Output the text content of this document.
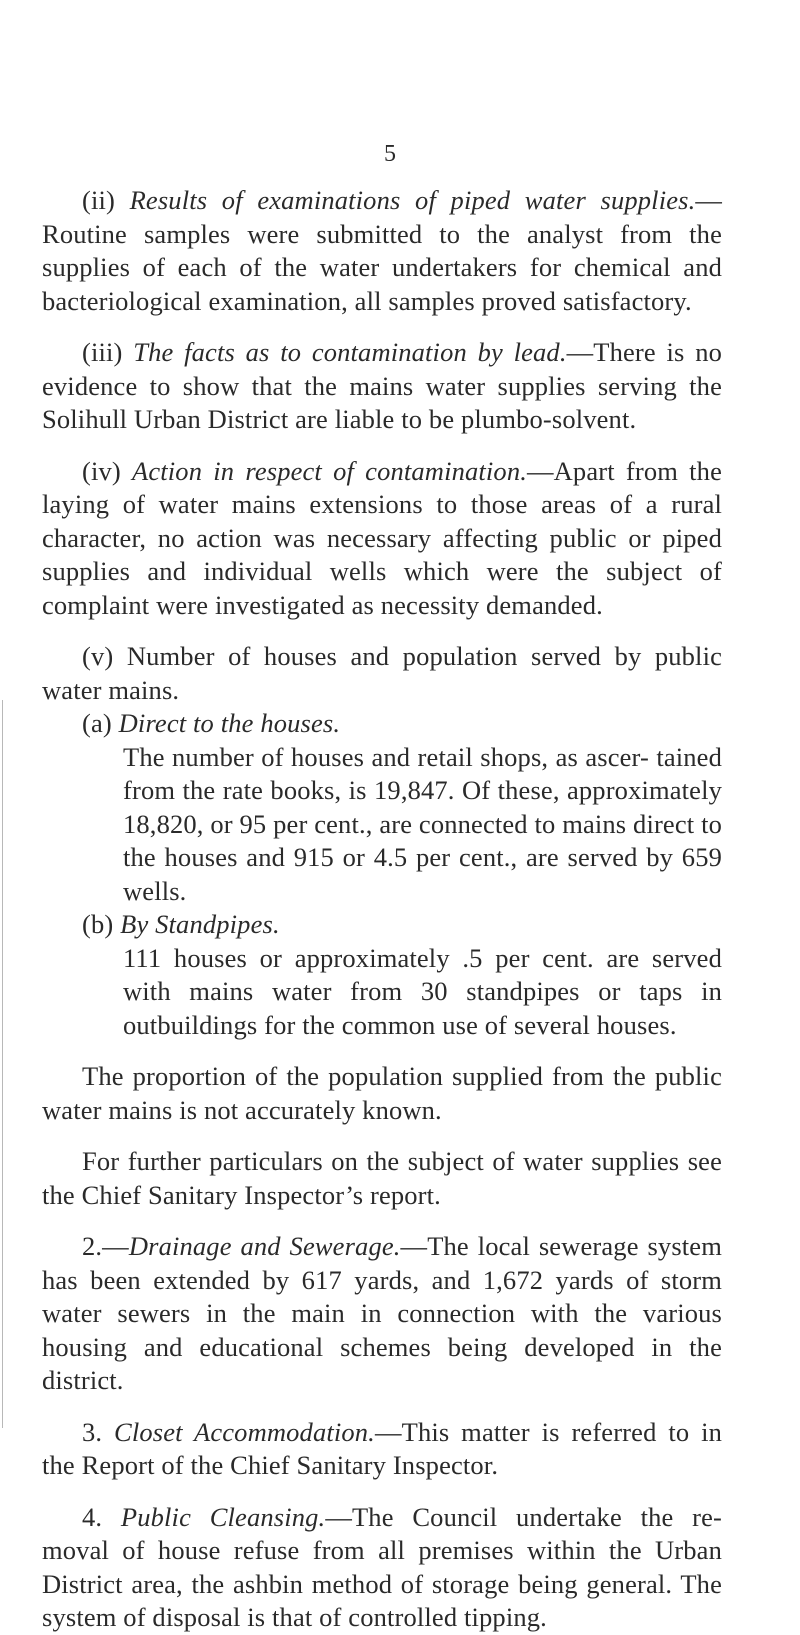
5

(ii) Results of examinations of piped water supplies.— Routine samples were submitted to the analyst from the supplies of each of the water undertakers for chemical and bacteriological examination, all samples proved satisfactory.

(iii) The facts as to contamination by lead.—There is no evidence to show that the mains water supplies serving the Solihull Urban District are liable to be plumbo-solvent.

(iv) Action in respect of contamination.—Apart from the laying of water mains extensions to those areas of a rural character, no action was necessary affecting public or piped supplies and individual wells which were the subject of complaint were investigated as necessity demanded.

(v) Number of houses and population served by public water mains.

(a) Direct to the houses.

The number of houses and retail shops, as ascer- tained from the rate books, is 19,847. Of these, approximately 18,820, or 95 per cent., are connected to mains direct to the houses and 915 or 4.5 per cent., are served by 659 wells.

(b) By Standpipes.

111 houses or approximately .5 per cent. are served with mains water from 30 standpipes or taps in outbuildings for the common use of several houses.

The proportion of the population supplied from the public water mains is not accurately known.

For further particulars on the subject of water supplies see the Chief Sanitary Inspector’s report.

2.—Drainage and Sewerage.—The local sewerage system has been extended by 617 yards, and 1,672 yards of storm water sewers in the main in connection with the various housing and educational schemes being developed in the district.

3. Closet Accommodation.—This matter is referred to in the Report of the Chief Sanitary Inspector.

4. Public Cleansing.—The Council undertake the re- moval of house refuse from all premises within the Urban District area, the ashbin method of storage being general. The system of disposal is that of controlled tipping.
